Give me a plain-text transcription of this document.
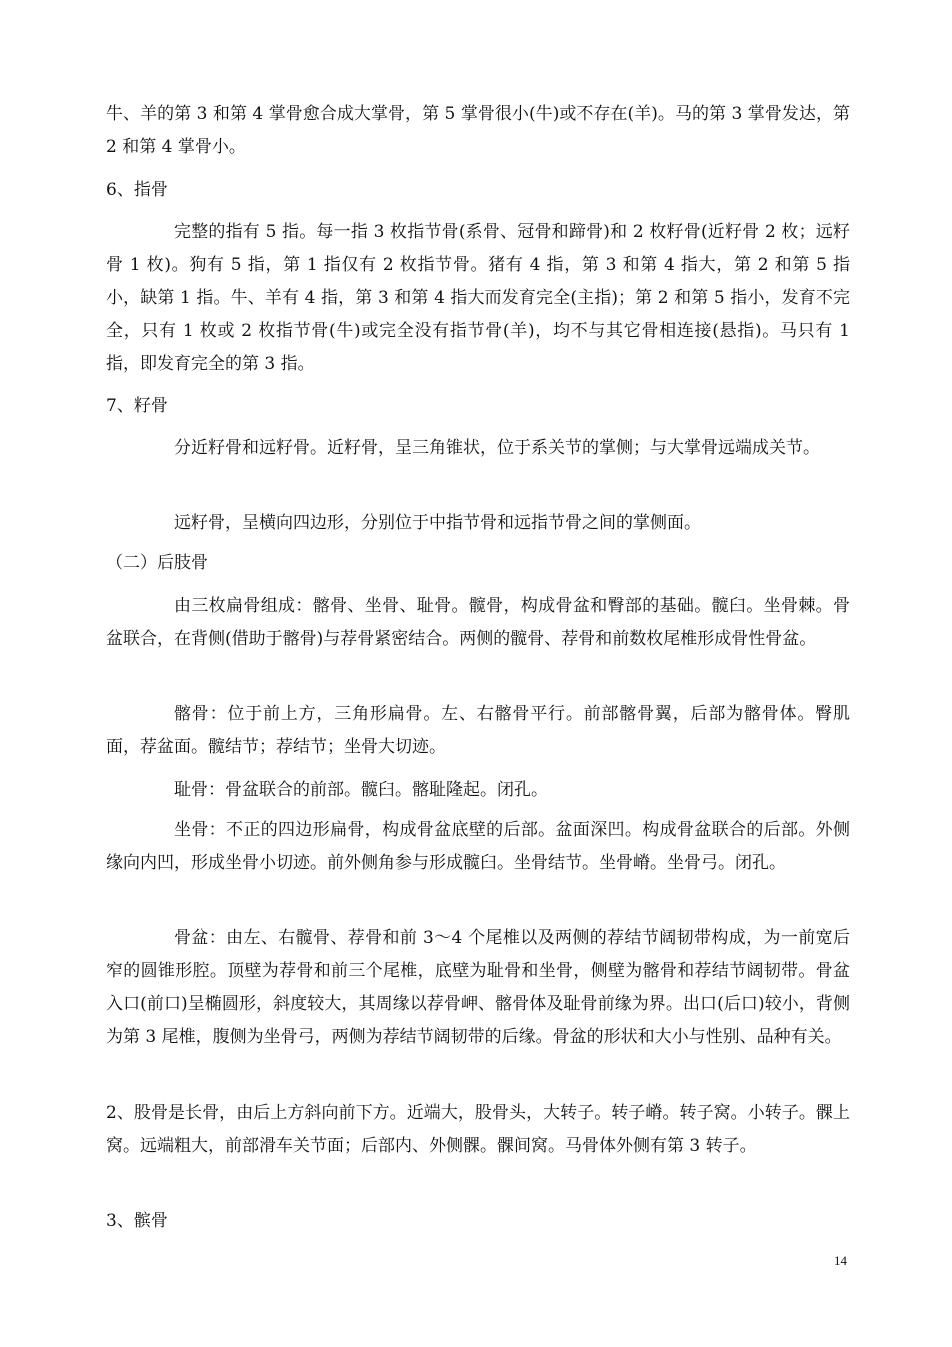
牛、羊的第 3 和第 4 掌骨愈合成大掌骨，第 5 掌骨很小(牛)或不存在(羊)。马的第 3 掌骨发达，第 2 和第 4 掌骨小。

6、指骨

完整的指有 5 指。每一指 3 枚指节骨(系骨、冠骨和蹄骨)和 2 枚籽骨(近籽骨 2 枚；远籽骨 1 枚)。狗有 5 指，第 1 指仅有 2 枚指节骨。猪有 4 指，第 3 和第 4 指大，第 2 和第 5 指小，缺第 1 指。牛、羊有 4 指，第 3 和第 4 指大而发育完全(主指)；第 2 和第 5 指小，发育不完全，只有 1 枚或 2 枚指节骨(牛)或完全没有指节骨(羊)，均不与其它骨相连接(悬指)。马只有 1 指，即发育完全的第 3 指。

7、籽骨

分近籽骨和远籽骨。近籽骨，呈三角锥状，位于系关节的掌侧；与大掌骨远端成关节。

远籽骨，呈横向四边形，分别位于中指节骨和远指节骨之间的掌侧面。

（二）后肢骨

由三枚扁骨组成：髂骨、坐骨、耻骨。髋骨，构成骨盆和臀部的基础。髋臼。坐骨棘。骨盆联合，在背侧(借助于髂骨)与荐骨紧密结合。两侧的髋骨、荐骨和前数枚尾椎形成骨性骨盆。

髂骨：位于前上方，三角形扁骨。左、右髂骨平行。前部髂骨翼，后部为髂骨体。臀肌面，荐盆面。髋结节；荐结节；坐骨大切迹。

耻骨：骨盆联合的前部。髋臼。髂耻隆起。闭孔。

坐骨：不正的四边形扁骨，构成骨盆底壁的后部。盆面深凹。构成骨盆联合的后部。外侧缘向内凹，形成坐骨小切迹。前外侧角参与形成髋臼。坐骨结节。坐骨嵴。坐骨弓。闭孔。

骨盆：由左、右髋骨、荐骨和前 3～4 个尾椎以及两侧的荐结节阔韧带构成，为一前宽后窄的圆锥形腔。顶壁为荐骨和前三个尾椎，底壁为耻骨和坐骨，侧壁为髂骨和荐结节阔韧带。骨盆入口(前口)呈椭圆形，斜度较大，其周缘以荐骨岬、髂骨体及耻骨前缘为界。出口(后口)较小，背侧为第 3 尾椎，腹侧为坐骨弓，两侧为荐结节阔韧带的后缘。骨盆的形状和大小与性别、品种有关。

2、股骨是长骨，由后上方斜向前下方。近端大，股骨头，大转子。转子嵴。转子窝。小转子。髁上窝。远端粗大，前部滑车关节面；后部内、外侧髁。髁间窝。马骨体外侧有第 3 转子。

3、髌骨

14
